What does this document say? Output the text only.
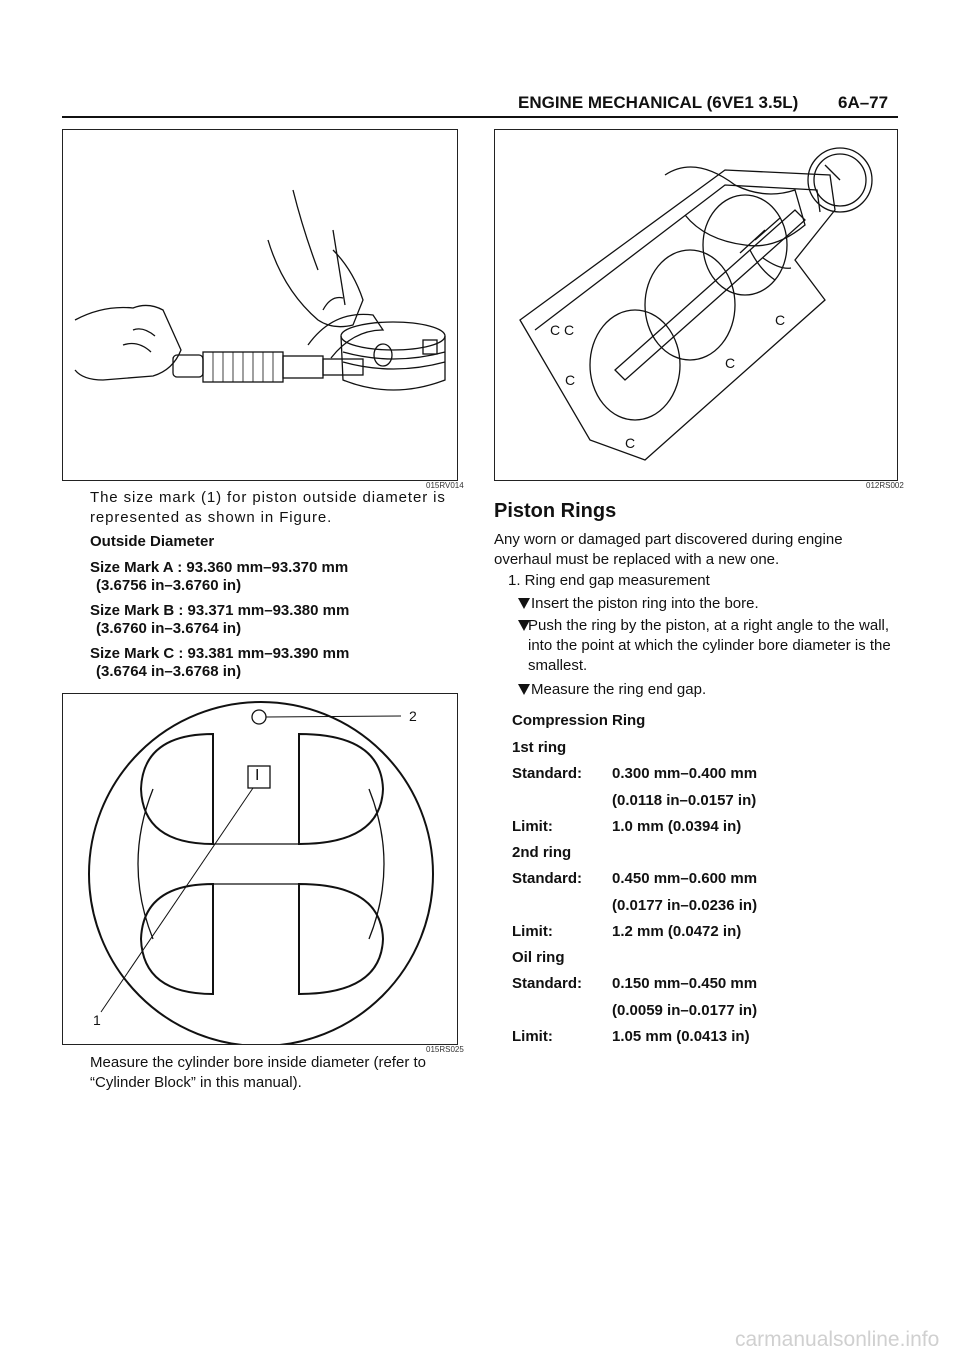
ENGINE MECHANICAL (6VE1 3.5L) 6A–77
015RV014
C C
C
C
C
C
012RS002
The size mark (1) for piston outside diameter is represented as shown in Figure.
Outside Diameter
Size Mark A : 93.360 mm–93.370 mm
(3.6756 in–3.6760 in)
Size Mark B : 93.371 mm–93.380 mm
(3.6760 in–3.6764 in)
Size Mark C : 93.381 mm–93.390 mm
(3.6764 in–3.6768 in)
I
2
1
015RS025
Measure the cylinder bore inside diameter (refer to “Cylinder Block” in this manual).
Piston Rings
Any worn or damaged part discovered during engine overhaul must be replaced with a new one.
1. Ring end gap measurement
Insert the piston ring into the bore.
Push the ring by the piston, at a right angle to the wall, into the point at which the cylinder bore diameter is the smallest.
Measure the ring end gap.
Compression Ring
1st ring
Standard: 0.300 mm–0.400 mm
(0.0118 in–0.0157 in)
Limit:	1.0 mm (0.0394 in)
2nd ring
Standard: 0.450 mm–0.600 mm
(0.0177 in–0.0236 in)
Limit:	1.2 mm (0.0472 in)
Oil ring
Standard: 0.150 mm–0.450 mm
(0.0059 in–0.0177 in)
Limit:	1.05 mm (0.0413 in)
carmanualsonline.info
